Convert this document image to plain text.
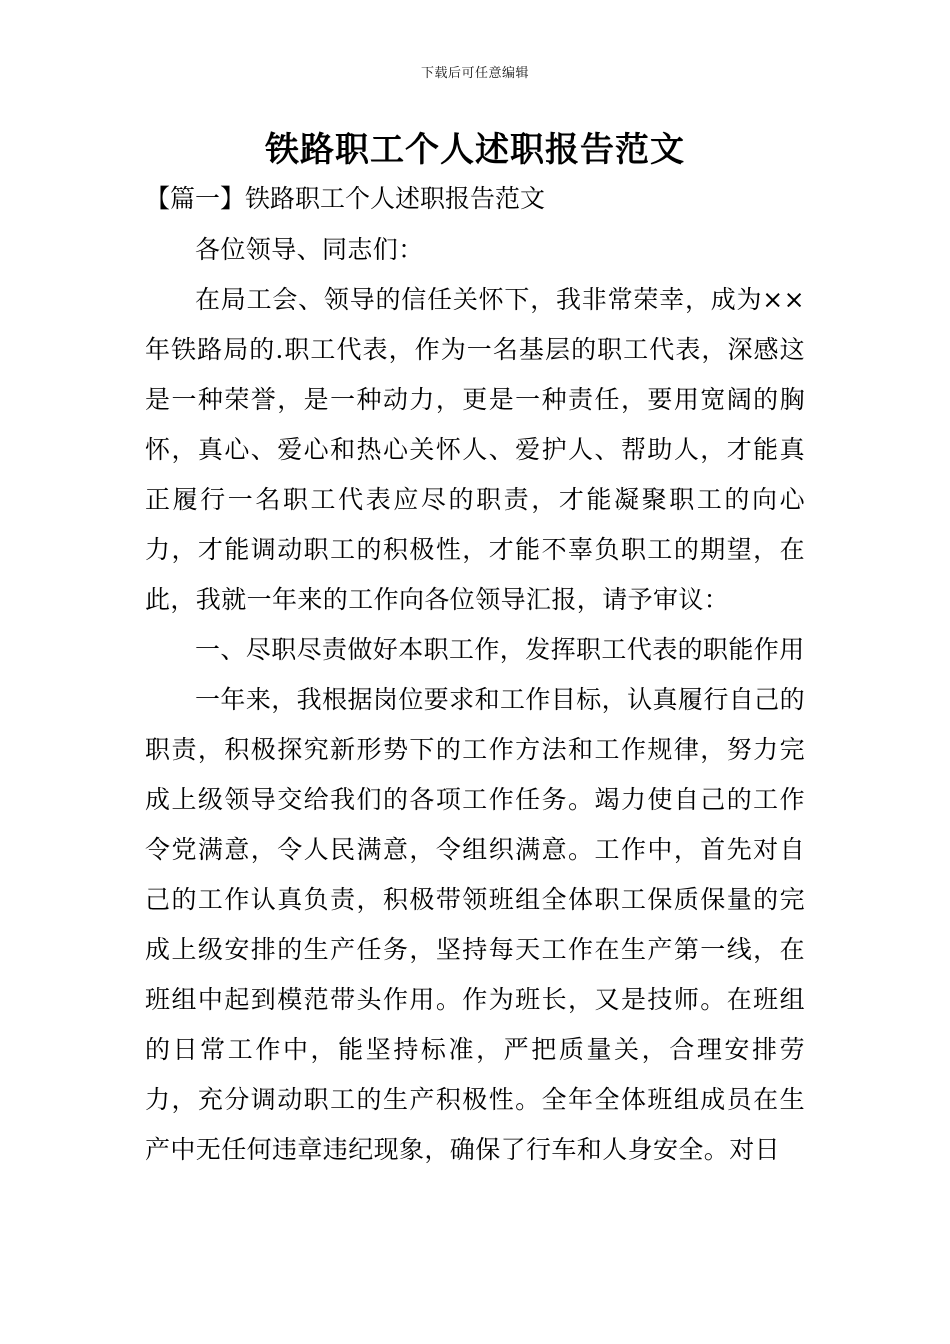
下载后可任意编辑
铁路职工个人述职报告范文
【篇一】铁路职工个人述职报告范文

各位领导、同志们：

在局工会、领导的信任关怀下，我非常荣幸，成为××年铁路局的.职工代表，作为一名基层的职工代表，深感这是一种荣誉，是一种动力，更是一种责任，要用宽阔的胸怀，真心、爱心和热心关怀人、爱护人、帮助人，才能真正履行一名职工代表应尽的职责，才能凝聚职工的向心力，才能调动职工的积极性，才能不辜负职工的期望，在此，我就一年来的工作向各位领导汇报，请予审议：

一、尽职尽责做好本职工作，发挥职工代表的职能作用

一年来，我根据岗位要求和工作目标，认真履行自己的职责，积极探究新形势下的工作方法和工作规律，努力完成上级领导交给我们的各项工作任务。竭力使自己的工作令党满意，令人民满意，令组织满意。工作中，首先对自己的工作认真负责，积极带领班组全体职工保质保量的完成上级安排的生产任务，坚持每天工作在生产第一线，在班组中起到模范带头作用。作为班长，又是技师。在班组的日常工作中，能坚持标准，严把质量关，合理安排劳力，充分调动职工的生产积极性。全年全体班组成员在生产中无任何违章违纪现象，确保了行车和人身安全。对日
